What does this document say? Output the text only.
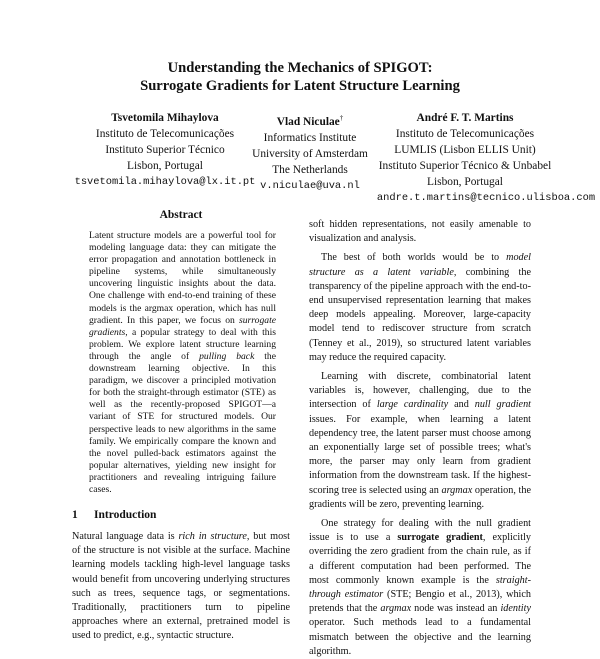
Understanding the Mechanics of SPIGOT:
Surrogate Gradients for Latent Structure Learning
Tsvetomila Mihaylova
Instituto de Telecomunicações
Instituto Superior Técnico
Lisbon, Portugal
tsvetomila.mihaylova@lx.it.pt
Vlad Niculae†
Informatics Institute
University of Amsterdam
The Netherlands
v.niculae@uva.nl
André F. T. Martins
Instituto de Telecomunicações
LUMLIS (Lisbon ELLIS Unit)
Instituto Superior Técnico & Unbabel
Lisbon, Portugal
andre.t.martins@tecnico.ulisboa.com
Abstract
Latent structure models are a powerful tool for modeling language data: they can mitigate the error propagation and annotation bottleneck in pipeline systems, while simultaneously uncovering linguistic insights about the data. One challenge with end-to-end training of these models is the argmax operation, which has null gradient. In this paper, we focus on surrogate gradients, a popular strategy to deal with this problem. We explore latent structure learning through the angle of pulling back the downstream learning objective. In this paradigm, we discover a principled motivation for both the straight-through estimator (STE) as well as the recently-proposed SPIGOT—a variant of STE for structured models. Our perspective leads to new algorithms in the same family. We empirically compare the known and the novel pulled-back estimators against the popular alternatives, yielding new insight for practitioners and revealing intriguing failure cases.
1 Introduction
Natural language data is rich in structure, but most of the structure is not visible at the surface. Machine learning models tackling high-level language tasks would benefit from uncovering underlying structures such as trees, sequence tags, or segmentations. Traditionally, practitioners turn to pipeline approaches where an external, pretrained model is used to predict, e.g., syntactic structure.

soft hidden representations, not easily amenable to visualization and analysis.

The best of both worlds would be to model structure as a latent variable, combining the transparency of the pipeline approach with the end-to-end unsupervised representation learning that makes deep models appealing. Moreover, large-capacity model tend to rediscover structure from scratch (Tenney et al., 2019), so structured latent variables may reduce the required capacity.

Learning with discrete, combinatorial latent variables is, however, challenging, due to the intersection of large cardinality and null gradient issues. For example, when learning a latent dependency tree, the latent parser must choose among an exponentially large set of possible trees; what's more, the parser may only learn from gradient information from the downstream task. If the highest-scoring tree is selected using an argmax operation, the gradients will be zero, preventing learning.

One strategy for dealing with the null gradient issue is to use a surrogate gradient, explicitly overriding the zero gradient from the chain rule, as if a different computation had been performed. The most commonly known example is the straight-through estimator (STE; Bengio et al., 2013), which pretends that the argmax node was instead an identity operator. Such methods lead to a fundamental mismatch between the objective and the learning algorithm.
